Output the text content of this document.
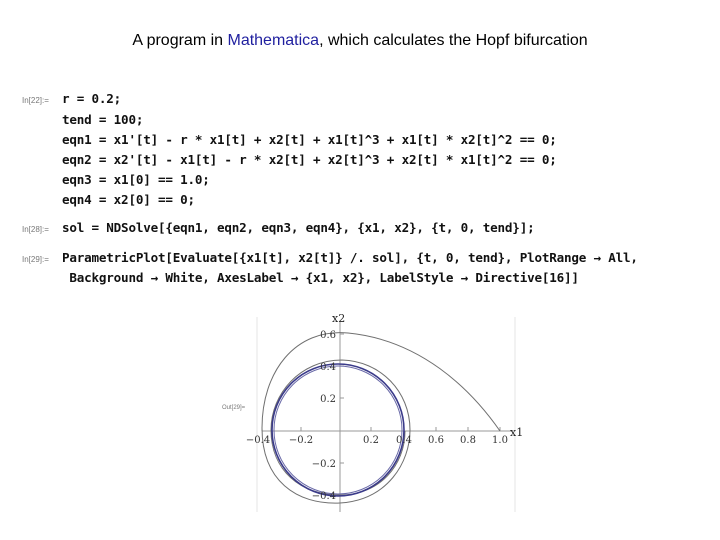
A program in Mathematica, which calculates the Hopf bifurcation
In[22]:= r = 0.2;
tend = 100;
eqn1 = x1'[t] - r * x1[t] + x2[t] + x1[t]^3 + x1[t] * x2[t]^2 == 0;
eqn2 = x2'[t] - x1[t] - r * x2[t] + x2[t]^3 + x2[t] * x1[t]^2 == 0;
eqn3 = x1[0] == 1.0;
eqn4 = x2[0] == 0;
In[28]:= sol = NDSolve[{eqn1, eqn2, eqn3, eqn4}, {x1, x2}, {t, 0, tend}];
In[29]:= ParametricPlot[Evaluate[{x1[t], x2[t]} /. sol], {t, 0, tend}, PlotRange → All,
Background → White, AxesLabel → {x1, x2}, LabelStyle → Directive[16]]
Out[29]=
−0.4 −0.2	0.2 0.4 0.6 0.8 1.0
0.6
0.4
0.2
−0.2
−0.4
x1
x2
